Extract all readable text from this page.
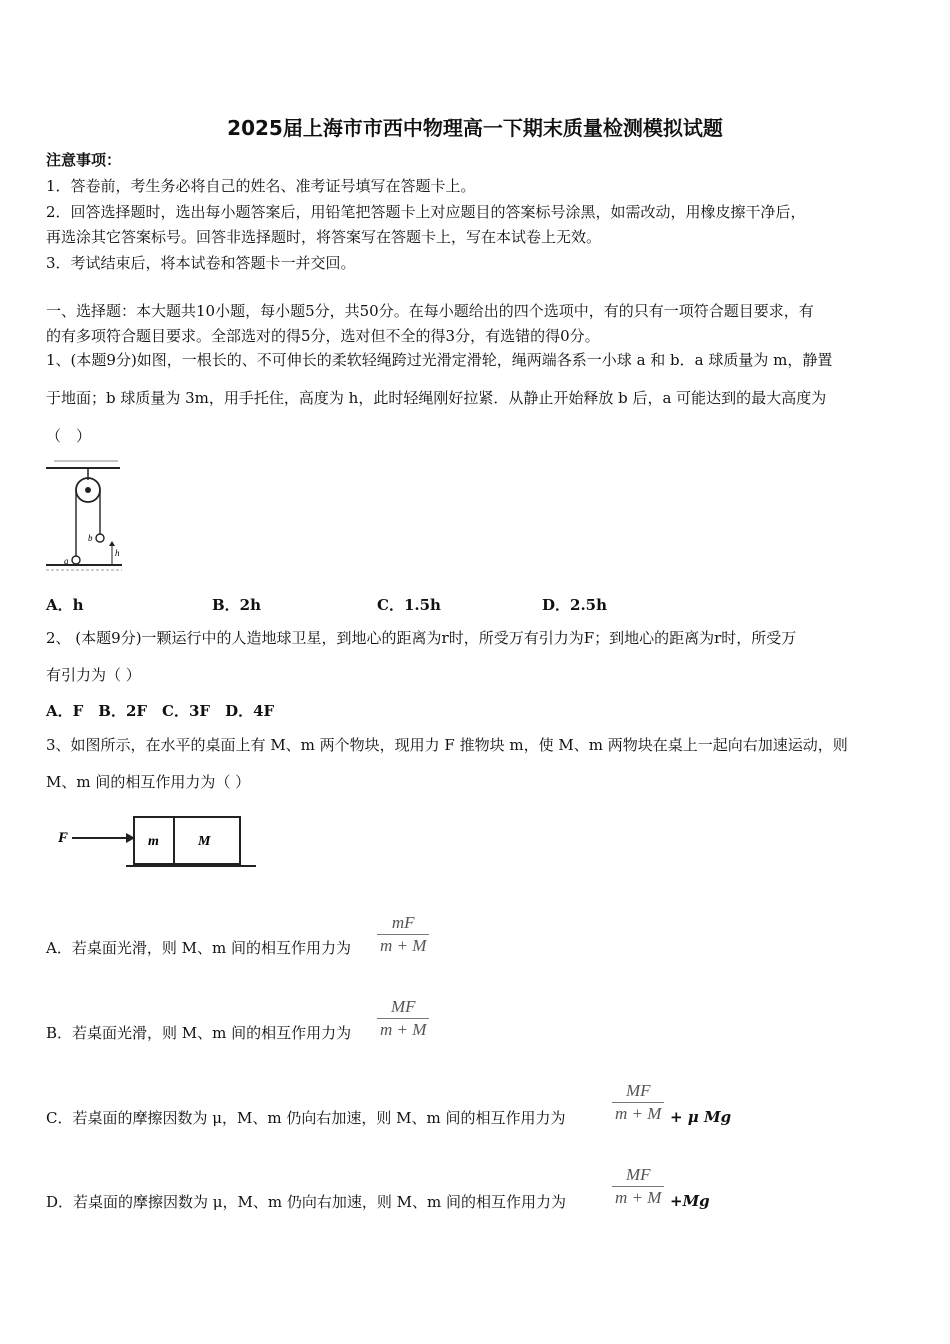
2025届上海市市西中物理高一下期末质量检测模拟试题
注意事项：
1．答卷前，考生务必将自己的姓名、准考证号填写在答题卡上。
2．回答选择题时，选出每小题答案后，用铅笔把答题卡上对应题目的答案标号涂黑，如需改动，用橡皮擦干净后，
再选涂其它答案标号。回答非选择题时，将答案写在答题卡上，写在本试卷上无效。
3．考试结束后，将本试卷和答题卡一并交回。
一、选择题：本大题共10小题，每小题5分，共50分。在每小题给出的四个选项中，有的只有一项符合题目要求，有
的有多项符合题目要求。全部选对的得5分，选对但不全的得3分，有选错的得0分。
1、(本题9分)如图，一根长的、不可伸长的柔软轻绳跨过光滑定滑轮，绳两端各系一小球 a 和 b．a 球质量为 m，静置
于地面；b 球质量为 3m，用手托住，高度为 h，此时轻绳刚好拉紧．从静止开始释放 b 后，a 可能达到的最大高度为
（　）
b
a
h
A．h	B．2h	C．1.5h	D．2.5h
2、 (本题9分)一颗运行中的人造地球卫星，到地心的距离为r时，所受万有引力为F；到地心的距离为r时，所受万
有引力为（ ）
A．F　B．2F　C．3F　D．4F
3、如图所示，在水平的桌面上有 M、m 两个物块，现用力 F 推物块 m，使 M、m 两物块在桌上一起向右加速运动，则
M、m 间的相互作用力为（ ）
F	m	M
A．若桌面光滑，则 M、m 间的相互作用力为	$\frac{mF}{m + M}$
B．若桌面光滑，则 M、m 间的相互作用力为	$\frac{MF}{m + M}$
C．若桌面的摩擦因数为 μ，M、m 仍向右加速，则 M、m 间的相互作用力为	$\frac{MF}{m + M} + \mu$ Mg
D．若桌面的摩擦因数为 μ，M、m 仍向右加速，则 M、m 间的相互作用力为	$\frac{MF}{m + M} +Mg$
